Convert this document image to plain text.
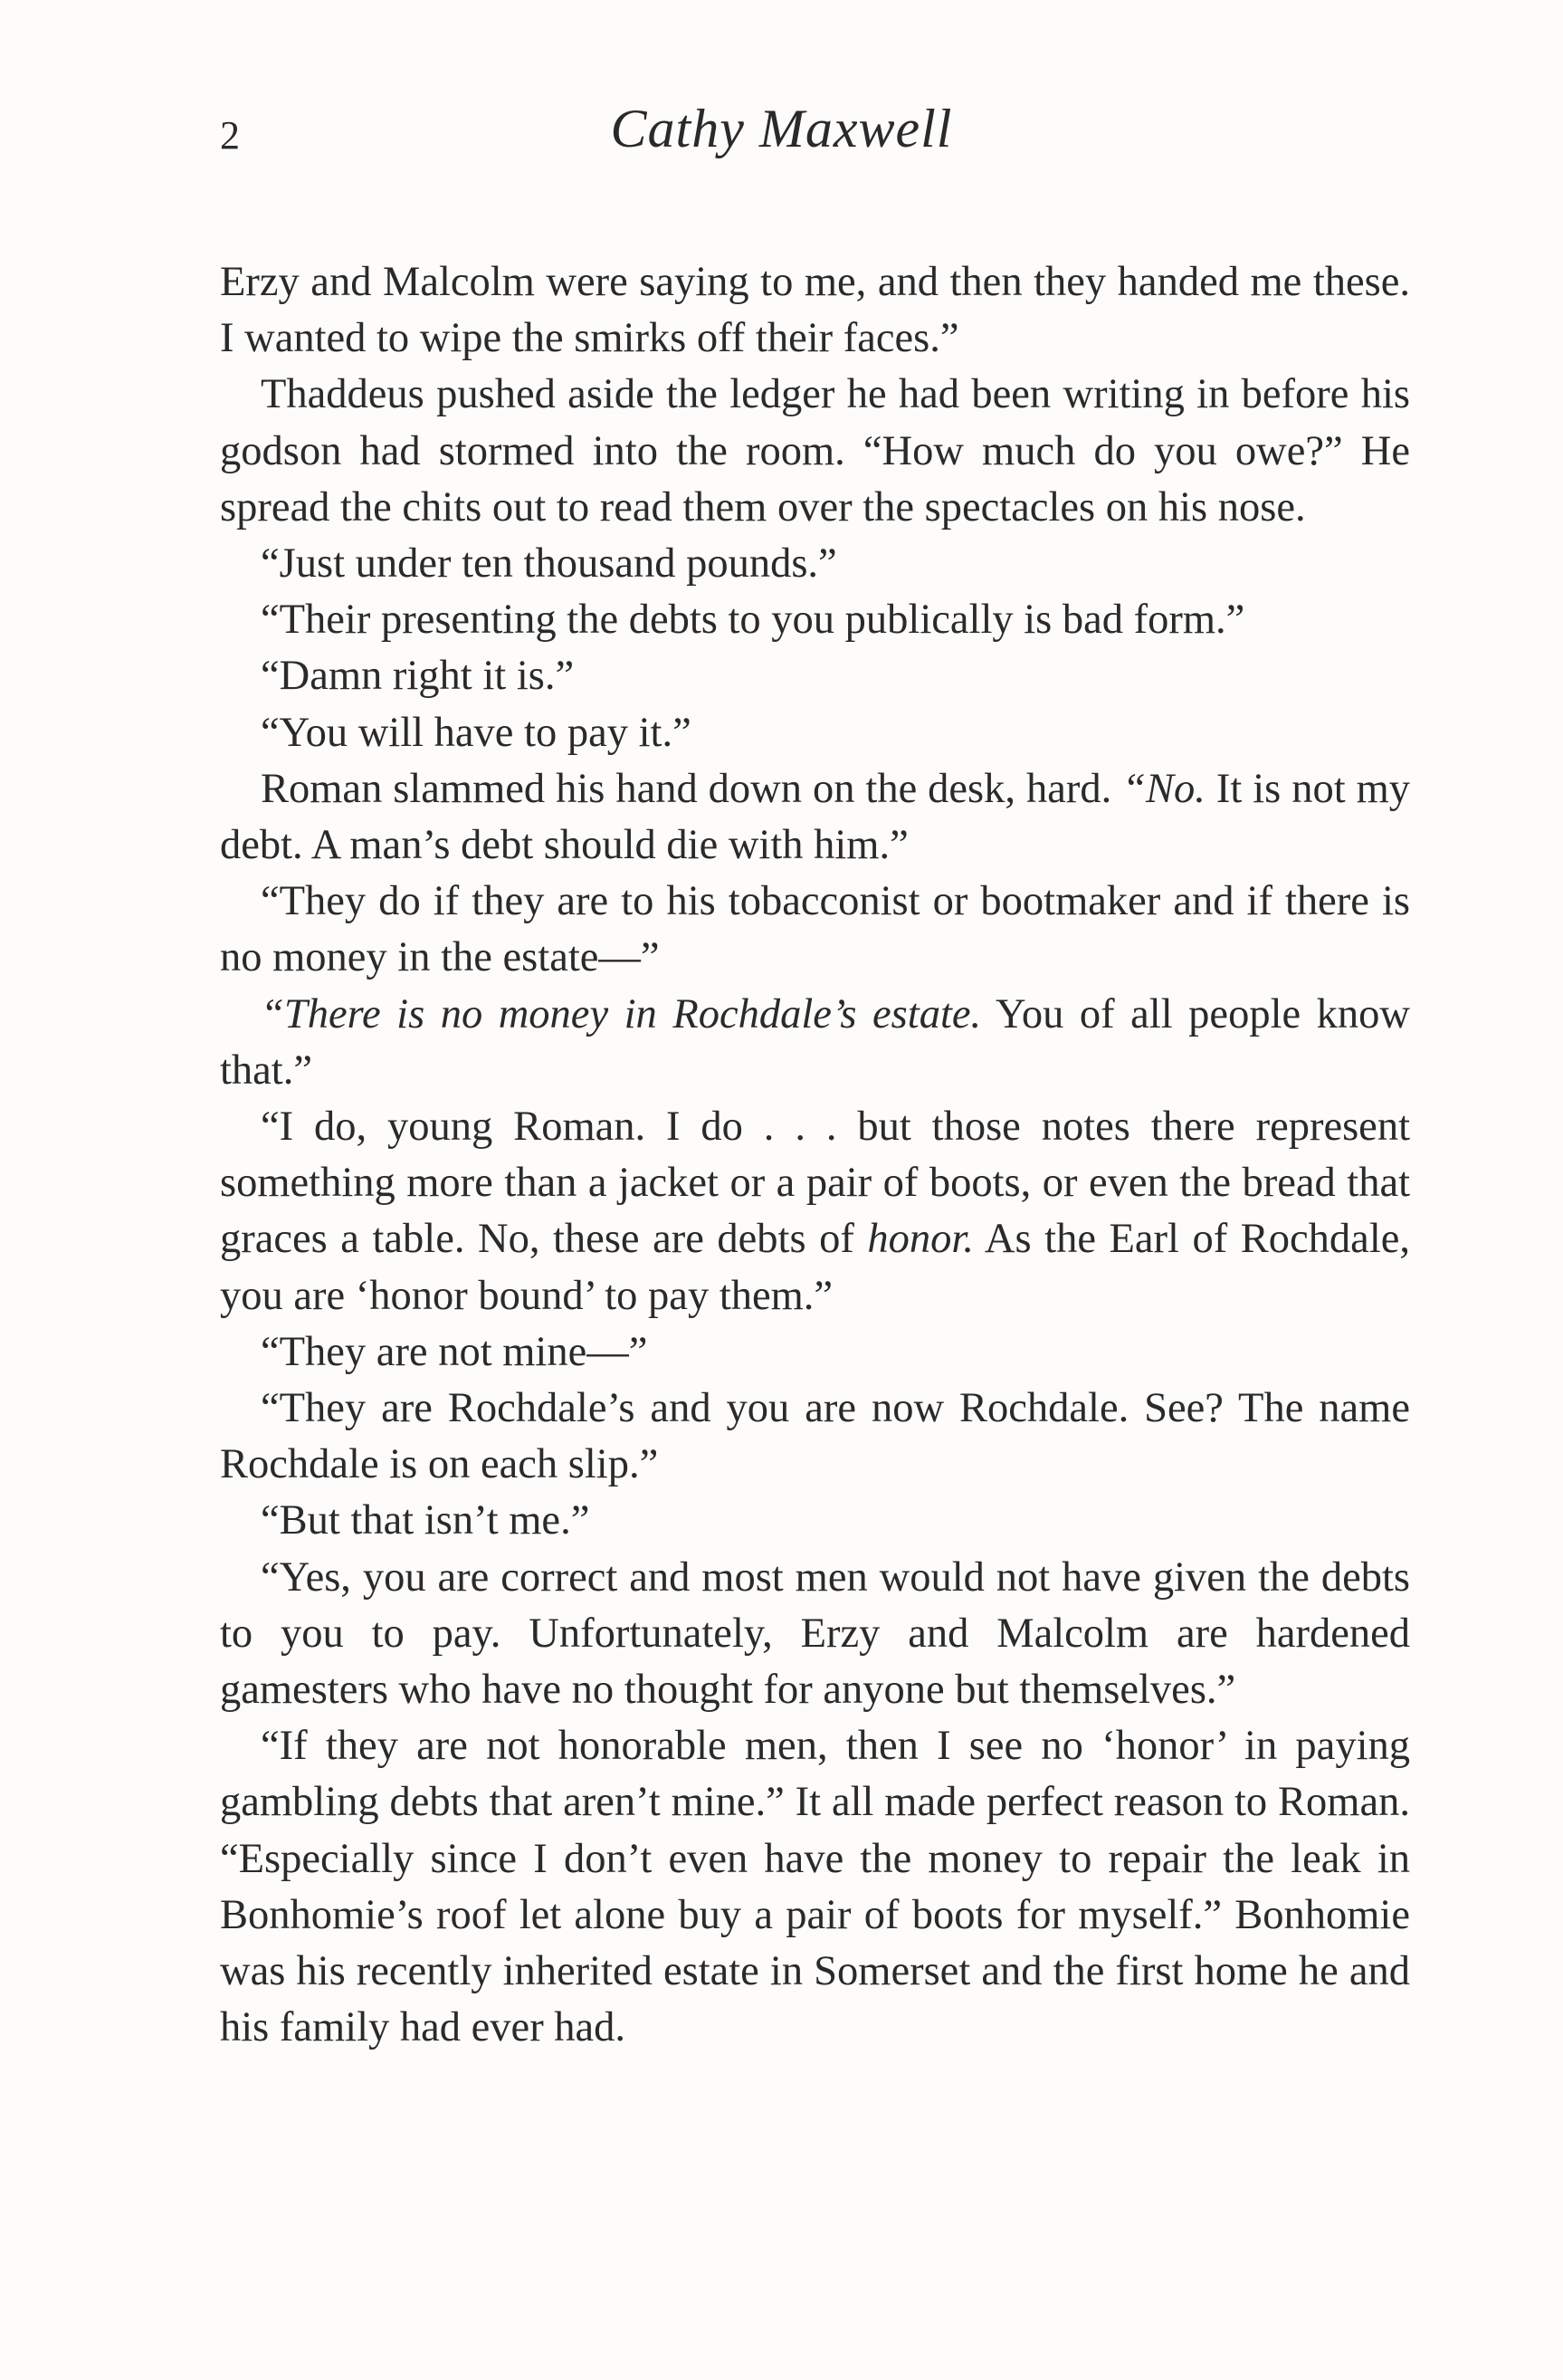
2	Cathy Maxwell

Erzy and Malcolm were saying to me, and then they handed me these. I wanted to wipe the smirks off their faces.”

Thaddeus pushed aside the ledger he had been writing in before his godson had stormed into the room. “How much do you owe?” He spread the chits out to read them over the spectacles on his nose.

“Just under ten thousand pounds.”

“Their presenting the debts to you publically is bad form.”

“Damn right it is.”

“You will have to pay it.”

Roman slammed his hand down on the desk, hard. “No. It is not my debt. A man’s debt should die with him.”

“They do if they are to his tobacconist or bootmaker and if there is no money in the estate—”

“There is no money in Rochdale’s estate. You of all people know that.”

“I do, young Roman. I do . . . but those notes there represent something more than a jacket or a pair of boots, or even the bread that graces a table. No, these are debts of honor. As the Earl of Rochdale, you are ‘honor bound’ to pay them.”

“They are not mine—”

“They are Rochdale’s and you are now Rochdale. See? The name Rochdale is on each slip.”

“But that isn’t me.”

“Yes, you are correct and most men would not have given the debts to you to pay. Unfortunately, Erzy and Malcolm are hardened gamesters who have no thought for anyone but themselves.”

“If they are not honorable men, then I see no ‘honor’ in paying gambling debts that aren’t mine.” It all made perfect reason to Roman. “Especially since I don’t even have the money to repair the leak in Bonhomie’s roof let alone buy a pair of boots for myself.” Bonhomie was his recently inherited estate in Somerset and the first home he and his family had ever had.
